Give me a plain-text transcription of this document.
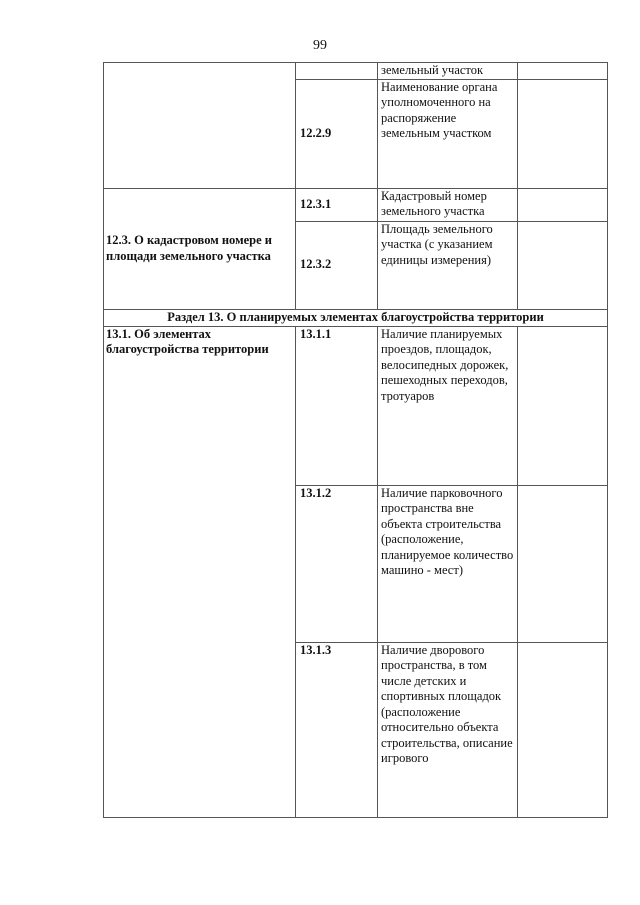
99
		земельный участок	
	12.2.9	Наименование органа уполномоченного на распоряжение земельным участком	
12.3. О кадастровом номере и площади земельного участка	12.3.1	Кадастровый номер земельного участка	
	12.3.2	Площадь земельного участка (с указанием единицы измерения)	
Раздел 13. О планируемых элементах благоустройства территории			
13.1. Об элементах благоустройства территории	13.1.1	Наличие планируемых проездов, площадок, велосипедных дорожек, пешеходных переходов, тротуаров	
	13.1.2	Наличие парковочного пространства вне объекта строительства (расположение, планируемое количество машино - мест)	
	13.1.3	Наличие дворового пространства, в том числе детских и спортивных площадок (расположение относительно объекта строительства, описание игрового	
